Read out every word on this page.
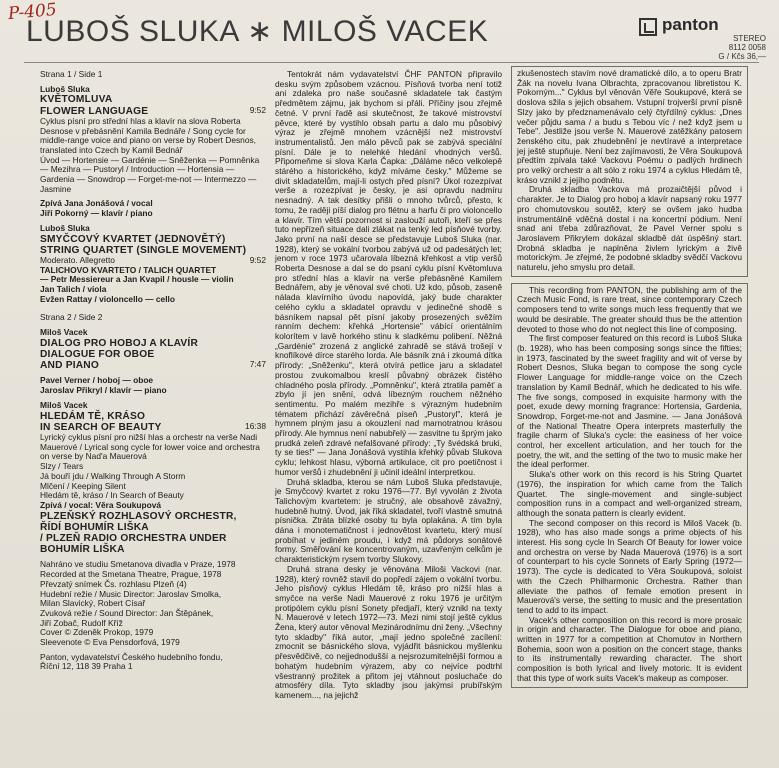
P-405
LUBOŠ SLUKA ∗ MILOŠ VACEK	panton
STEREO
8112 0058
G / Kčs 36,—

Strana 1 / Side 1

Luboš Sluka

KVĚTOMLUVA

FLOWER LANGUAGE	9:52

Cyklus písní pro střední hlas a klavír na slova Roberta Desnose v přebásnění Kamila Bednáře / Song cycle for middle-range voice and piano on verse by Robert Desnos, translated into Czech by Kamil Bednář

Úvod — Hortensie — Gardénie — Sněženka — Pomněnka — Mezihra — Pustoryl / Introduction — Hortensia — Gardenia — Snowdrop — Forget-me-not — Intermezzo — Jasmine

Zpívá Jana Jonášová / vocal

Jiří Pokorný — klavír / piano

Luboš Sluka

SMYČCOVÝ KVARTET (JEDNOVĚTÝ)

STRING QUARTET (SINGLE MOVEMENT)

Moderato. Allegretto	9:52

TALICHOVO KVARTETO / TALICH QUARTET

— Petr Messiereur a Jan Kvapil / housle — violin

Jan Talich / viola

Evžen Rattay / violoncello — cello

Strana 2 / Side 2

Miloš Vacek

DIALOG PRO HOBOJ A KLAVÍR

DIALOGUE FOR OBOE

AND PIANO	7:47

Pavel Verner / hoboj — oboe

Jaroslav Přikryl / klavír — piano

Miloš Vacek

HLEDÁM TĚ, KRÁSO

IN SEARCH OF BEAUTY	16:38

Lyrický cyklus písní pro nižší hlas a orchestr na verše Nadi Mauerové / Lyrical song cycle for lower voice and orchestra on verse by Nad'a Mauerová

Slzy / Tears

Já bouří jdu / Walking Through A Storm

Mlčení / Keeping Silent

Hledám tě, kráso / In Search of Beauty

Zpívá / vocal: Věra Soukupová

PLZEŇSKÝ ROZHLASOVÝ ORCHESTR,

ŘÍDÍ BOHUMÍR LIŠKA

/ PLZEŇ RADIO ORCHESTRA UNDER

BOHUMÍR LIŠKA

Nahráno ve studiu Smetanova divadla v Praze, 1978

Recorded at the Smetana Theatre, Prague, 1978

Převzatý snímek Čs. rozhlasu Plzeň (4)

Hudební režie / Music Director: Jaroslav Smolka,

Milan Slavický, Robert Císař

Zvuková režie / Sound Director: Jan Štěpánek,

Jiří Zobač, Rudolf Kříž

Cover © Zdeněk Prokop, 1979

Sleevenote © Eva Pensdorfová, 1979

Panton, vydavatelství Českého hudebního fondu,

Říční 12, 118 39 Praha 1

Tentokrát nám vydavatelství ČHF PANTON připravilo desku svým způsobem vzácnou. Písňová tvorba není totiž ani zdaleka pro naše současné skladatele tak častým předmětem zájmu, jak bychom si přáli. Příčiny jsou zřejmě četné. V první řadě asi skutečnost, že takové mistrovství pěvce, které by vystihlo obsah partu a dalo mu působivý výraz je zřejmě mnohem vzácnější než mistrovství instrumentalistů. Jen málo pěvců pak se zabývá speciální písní. Dále je to nelehké hledání vhodných veršů. Připomeňme si slova Karla Čapka: „Dáláme něco velkolepě stárého a historického, když míváme česky." Můžeme se divit skladatelům, mají-li ostych před písní? Úkol rozezpívat verše a rozezpívat je česky, je asi opravdu nadmíru nesnadný. A tak desítky přišli o mnoho tvůrců, přesto, k tomu, že raději píší dialog pro flétnu a harfu či pro violoncello a klavír. Tím větší pozornost si zaslouží autoři, kteří se přes tuto nepřízeň situace dali zlákat na tenký led písňové tvorby. Jako první na naší desce se představuje Luboš Sluka (nar. 1928), který se vokální tvorbou zabývá už od padesátých let; jenom v roce 1973 učarovala líbezná křehkost a vtip veršů Roberta Desnose a dal se do psaní cyklu písní Květomluva pro střední hlas a klavír na verše přebásněné Kamilem Bednářem, aby je věnoval své choti. Už kdo, působ, zaseně nálada klavírního úvodu napovídá, jaký bude charakter celého cyklu a skladatel opravdu v jedinečné shodě s básníkem napsal pět písní jakoby prosezených svěžím ranním dechem: křehká „Hortensie" vábící orientálním kolorítem v lavě horkého stinu k sladkému polibení. Něžná „Gardénie" zrozená z anglické zahradě se stává trošejí v knoflíkové dírce starého lorda. Ale básník zná i zkoumá dítka přírody: „Sněženku", která otvírá petlice jaru a skladatel prostou zvukomalbou kreslí půvabný obrázek čistého chladného posla přírody. „Pomněnku", která ztratila paměť a zbylo jí jen snění, odvá líbezným rouchem něžného sentimentu. Po malém mezihře s výrazným hudebním tématem přichází závěrečná píseň „Pustoryl", která je hymnem plným jasu a okouzlení nad marnotratnou krásou přírody. Ale hymnus není nabubřelý — zasvitne tu šprým jako prudká zeleň zdravé nefalšované přírody: „Ty švédská bruki, ty se ties!" — Jana Jonášová vystihla křehký půvab Slukova cyklu; lehkost hlasu, výborná artikulace, cit pro poetičnost i humor veršů i zhudebnění ji učinil ideální interpretkou.

Druhá skladba, kterou se nám Luboš Sluka představuje, je Smyčcový kvartet z roku 1976—77. Byl vyvolán z života Talichovým kvartetem: je stručný, ale obsahově závažný, hudebně hutný. Úvod, jak říká skladatel, tvoří vlastně smutná písnička. Ztráta blízké osoby tu byla oplakána. A tím byla dána i monotematičnost i jednovětost kvartetu, který musí probíhat v jediném proudu, i když má půdorys sonátové formy. Směřování ke koncentrovaným, uzavřeným celkům je charakteristickým rysem tvorby Slukovy.

Druhá strana desky je věnována Miloši Vackovi (nar. 1928), který rovněž stavil do popředí zájem o vokální tvorbu. Jeho písňový cyklus Hledám tě, kráso pro nižší hlas a smyčce na verše Nadi Mauerové z roku 1976 je určitým protipólem cyklu písní Sonety předjaří, který vznikl na texty N. Mauerové v letech 1972—73. Mezi nimi stojí ještě cyklus Žena, který autor věnoval Mezinárodnímu dni ženy. „Všechny tyto skladby" říká autor, „mají jedno společné zacílení: zmocnit se básnického slova, vyjádřit básnickou myšlenku přesvědčivě, co nejjednodušší a nejsrozumitelnější formou a bohatým hudebním výrazem, aby co nejvíce podtrhl všestranný prožitek a přitom jej vtáhnout posluchače do atmosféry díla. Tyto skladby jsou jakýmsi prubířským kamenem..., na jejichž

zkušenostech stavím nové dramatické dílo, a to operu Bratr Žák na novelu Ivana Olbrachta, zpracovanou libretistou K. Pokorným..." Cyklus byl věnován Věře Soukupové, která se doslova sžila s jejich obsahem. Vstupní trojverší první písně Slzy jako by předznamenávalo celý čtyřdílný cyklus: „Dnes večer půjdu sama / a budu s Tebou víc / než když jsem u Tebe". Jestliže jsou verše N. Mauerové zatěžkány patosem ženského citu, pak zhudebnění je nevtíravé a interpretace jej ještě stupňuje. Není bez zajímavosti, že Věra Soukupová předtím zpívala také Vackovu Poému o padlých hrdinech pro velký orchestr a alt sólo z roku 1974 a cyklus Hledám tě, kráso vznikl z jejího podnětu.

Druhá skladba Vackova má prozaičtější původ i charakter. Je to Dialog pro hoboj a klavír napsaný roku 1977 pro chomutovskou soutěž, který se ovšem jako hudba instrumentálně vděčná dostal i na koncertní pódium. Není snad ani třeba zdůrazňovat, že Pavel Verner spolu s Jaroslavem Přikrylem dokázal skladbě dát úspěšný start. Drobná skladba je naplněna živlem lyrickým a živě motorickým. Je zřejmé, že podobné skladby svědčí Vackovu naturelu, jeho smyslu pro detail.

This recording from PANTON, the publishing arm of the Czech Music Fond, is rare treat, since contemporary Czech composers tend to write songs much less frequently that we would be desirable. The greater should thus be the attention devoted to those who do not neglect this line of composing.

The first composer featured on this record is Luboš Sluka (b. 1928), who has been composing songs since the fifties; in 1973, fascinated by the sweet fragility and wit of verse by Robert Desnos, Sluka began to compose the song cycle Flower Language for middle-range voice on the Czech translation by Kamil Bednář, which he dedicated to his wife. The five songs, composed in exquisite harmony with the poet, exude dewy morning fragrance: Hortensia, Gardenia, Snowdrop, Forget-me-not and Jasmine. — Jana Jonášová of the National Theatre Opera interprets masterfully the fragile charm of Sluka's cycle: the easiness of her voice control, her excellent articulation, and her touch for the poetry, the wit, and the setting of the two to music make her the ideal performer.

Sluka's other work on this record is his String Quartet (1976), the inspiration for which came from the Talich Quartet. The single-movement and single-subject composition runs in a compact and well-organized stream, although the sonata pattern is clearly evident.

The second composer on this record is Miloš Vacek (b. 1928), who has also made songs a prime objects of his interest. His song cycle In Search Of Beauty for lower voice and orchestra on verse by Nada Mauerová (1976) is a sort of counterpart to his cycle Sonnets of Early Spring (1972—1973). The cycle is dedicated to Věra Soukupová, soloist with the Czech Philharmonic Orchestra. Rather than alleviate the pathos of female emotion present in Mauerová's verse, the setting to music and the presentation tend to add to its impact.

Vacek's other composition on this record is more prosaic in origin and character. The Dialogue for oboe and piano, written in 1977 for a competition at Chomutov in Northern Bohemia, soon won a position on the concert stage, thanks to its instrumentally rewarding character. The short composition is both lyrical and lively motoric. It is evident that this type of work suits Vacek's makeup as composer.
